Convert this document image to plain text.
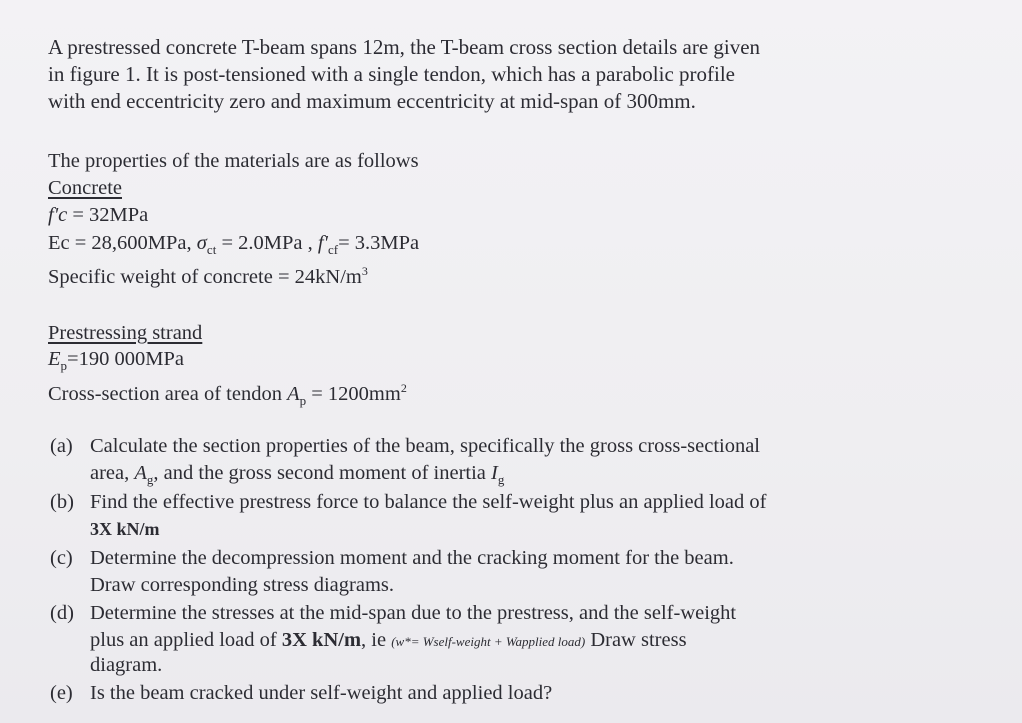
A prestressed concrete T-beam spans 12m, the T-beam cross section details are given
in figure 1. It is post-tensioned with a single tendon, which has a parabolic profile
with end eccentricity zero and maximum eccentricity at mid-span of 300mm.
The properties of the materials are as follows
Concrete
f'c = 32MPa
Ec = 28,600MPa, $\sigma_{ct} = 2.0MPa$ , $f'_{cf}= 3.3MPa$
Specific weight of concrete = $24kN/m^3$
Prestressing strand
$E_p=190$ 000MPa
Cross-section area of tendon $A_p = 1200mm^2$
(a) Calculate the section properties of the beam, specifically the gross cross-sectional
area, $A_g$, and the gross second moment of inertia $I_g$
(b) Find the effective prestress force to balance the self-weight plus an applied load of
3X kN/m
(c) Determine the decompression moment and the cracking moment for the beam.
Draw corresponding stress diagrams.
(d) Determine the stresses at the mid-span due to the prestress, and the self-weight
plus an applied load of 3X kN/m, ie (w*= Wself-weight + Wapplied load) Draw stress
diagram.
(e) Is the beam cracked under self-weight and applied load?
